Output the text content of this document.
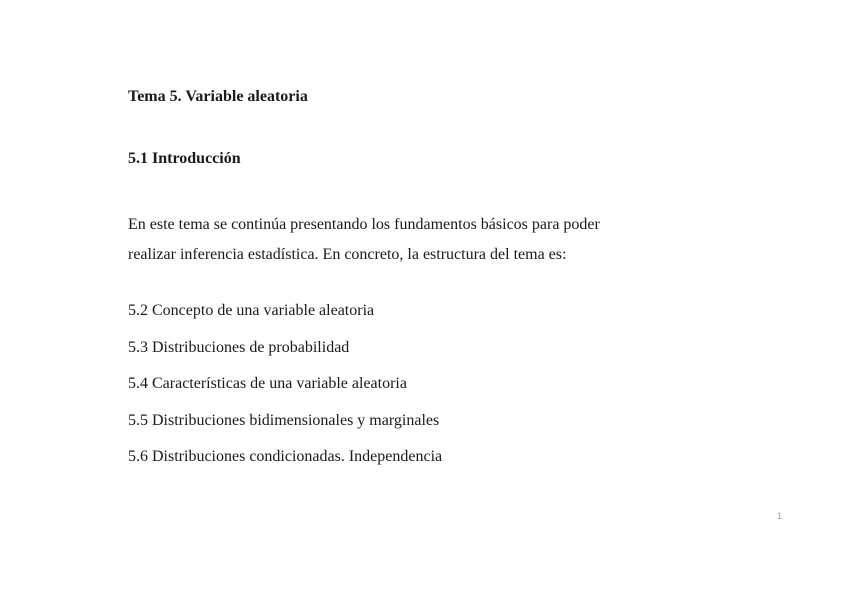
Tema 5. Variable aleatoria
5.1 Introducción

En este tema se continúa presentando los fundamentos básicos para poder
realizar inferencia estadística. En concreto, la estructura del tema es:

5.2 Concepto de una variable aleatoria
5.3 Distribuciones de probabilidad
5.4 Características de una variable aleatoria
5.5 Distribuciones bidimensionales y marginales
5.6 Distribuciones condicionadas. Independencia
1
